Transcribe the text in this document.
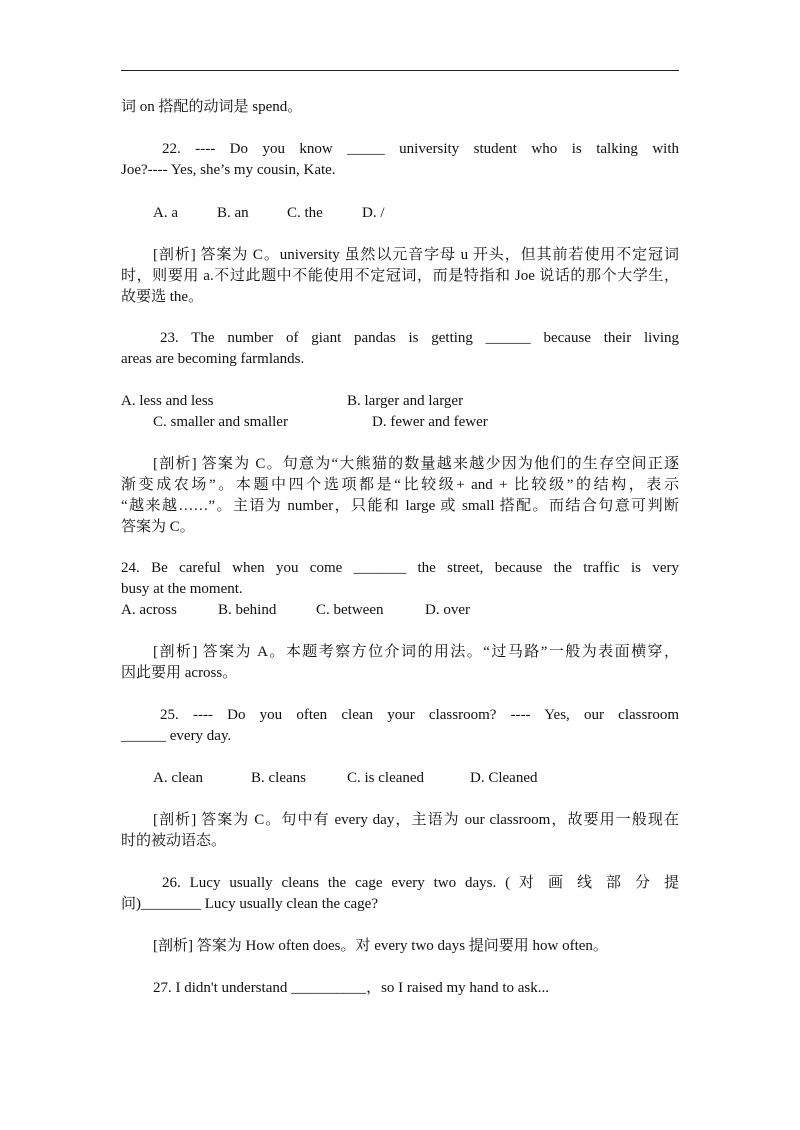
词 on 搭配的动词是 spend。
22. ---- Do you know _____ university student who is talking with
Joe?---- Yes, she’s my cousin, Kate.
A. a	B. an	C. the	D. /
[剖析] 答案为 C。university 虽然以元音字母 u 开头，但其前若使用不定冠词
时，则要用 a.不过此题中不能使用不定冠词，而是特指和 Joe 说话的那个大学生，
故要选 the。
23. The number of giant pandas is getting ______ because their living
areas are becoming farmlands.
A. less and less	B. larger and larger
C. smaller and smaller	D. fewer and fewer
[剖析] 答案为 C。句意为“大熊猫的数量越来越少因为他们的生存空间正逐
渐变成农场”。本题中四个选项都是“比较级+ and + 比较级”的结构，表示
“越来越……”。主语为 number，只能和 large 或 small 搭配。而结合句意可判断
答案为 C。
24. Be careful when you come _______ the street, because the traffic is very
busy at the moment.
A. across	B. behind	C. between	D. over
[剖析] 答案为 A。本题考察方位介词的用法。“过马路”一般为表面横穿，
因此要用 across。
25. ---- Do you often clean your classroom? ---- Yes, our classroom
______ every day.
A. clean	B. cleans	C. is cleaned	D. Cleaned
[剖析] 答案为 C。句中有 every day，主语为 our classroom，故要用一般现在
时的被动语态。
26. Lucy usually cleans the cage every two days. ( 对 画 线 部 分 提
问)________ Lucy usually clean the cage?
[剖析] 答案为 How often does。对 every two days 提问要用 how often。
27. I didn't understand __________，so I raised my hand to ask...
